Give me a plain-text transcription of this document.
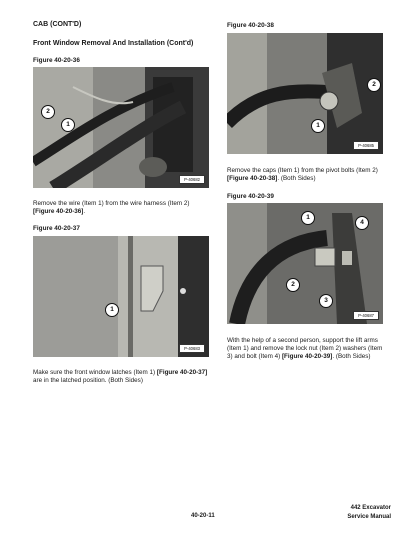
CAB (CONT'D)
Front Window Removal And Installation (Cont'd)
Figure 40-20-36
2
1
P-40682
Remove the wire (Item 1) from the wire harness (Item 2) [Figure 40-20-36].
Figure 40-20-37
1
P-40683
Make sure the front window latches (Item 1) [Figure 40-20-37] are in the latched position. (Both Sides)
Figure 40-20-38
2
1
P-40685
Remove the caps (Item 1) from the pivot bolts (Item 2) [Figure 40-20-38]. (Both Sides)
Figure 40-20-39
1
4
2
3
P-40687
With the help of a second person, support the lift arms (Item 1) and remove the lock nut (Item 2) washers (Item 3) and bolt (Item 4) [Figure 40-20-39]. (Both Sides)
40-20-11
442 Excavator
Service Manual
